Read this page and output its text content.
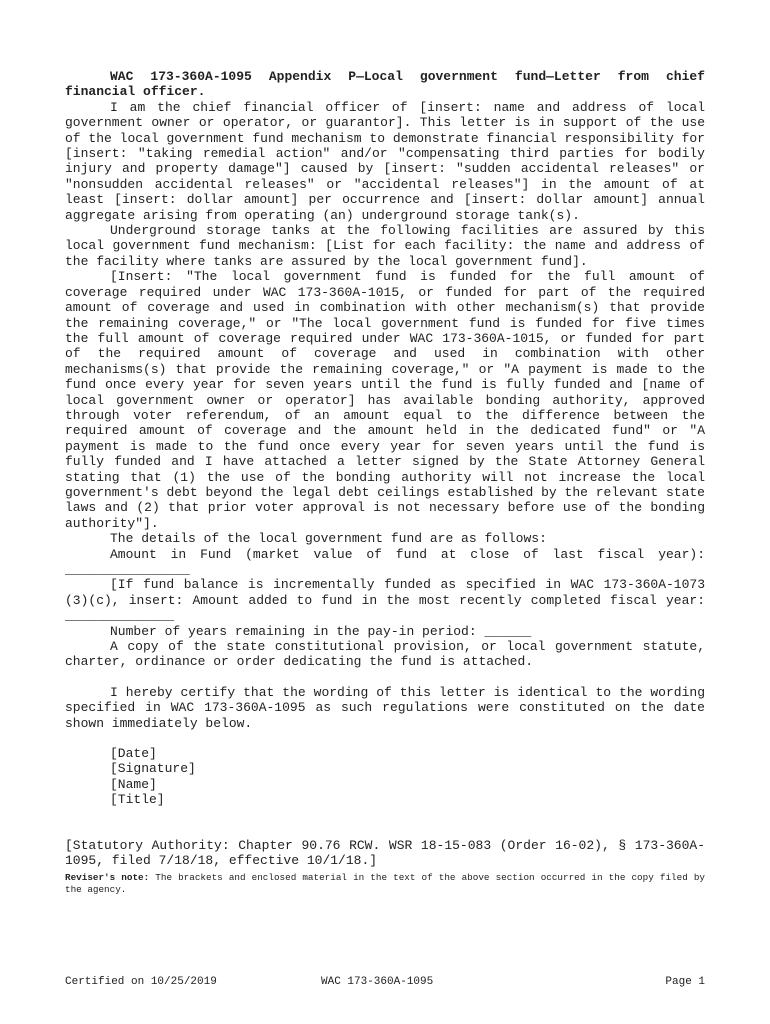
WAC 173-360A-1095 Appendix P—Local government fund—Letter from chief financial officer.

I am the chief financial officer of [insert: name and address of local government owner or operator, or guarantor]. This letter is in support of the use of the local government fund mechanism to demonstrate financial responsibility for [insert: "taking remedial action" and/or "compensating third parties for bodily injury and property damage"] caused by [insert: "sudden accidental releases" or "nonsudden accidental releases" or "accidental releases"] in the amount of at least [insert: dollar amount] per occurrence and [insert: dollar amount] annual aggregate arising from operating (an) underground storage tank(s).

Underground storage tanks at the following facilities are assured by this local government fund mechanism: [List for each facility: the name and address of the facility where tanks are assured by the local government fund].

[Insert: "The local government fund is funded for the full amount of coverage required under WAC 173-360A-1015, or funded for part of the required amount of coverage and used in combination with other mechanism(s) that provide the remaining coverage," or "The local government fund is funded for five times the full amount of coverage required under WAC 173-360A-1015, or funded for part of the required amount of coverage and used in combination with other mechanisms(s) that provide the remaining coverage," or "A payment is made to the fund once every year for seven years until the fund is fully funded and [name of local government owner or operator] has available bonding authority, approved through voter referendum, of an amount equal to the difference between the required amount of coverage and the amount held in the dedicated fund" or "A payment is made to the fund once every year for seven years until the fund is fully funded and I have attached a letter signed by the State Attorney General stating that (1) the use of the bonding authority will not increase the local government's debt beyond the legal debt ceilings established by the relevant state laws and (2) that prior voter approval is not necessary before use of the bonding authority"].

The details of the local government fund are as follows:

Amount in Fund (market value of fund at close of last fiscal year): ________________

[If fund balance is incrementally funded as specified in WAC 173-360A-1073 (3)(c), insert: Amount added to fund in the most recently completed fiscal year: ______________

Number of years remaining in the pay-in period: ______

A copy of the state constitutional provision, or local government statute, charter, ordinance or order dedicating the fund is attached.

I hereby certify that the wording of this letter is identical to the wording specified in WAC 173-360A-1095 as such regulations were constituted on the date shown immediately below.

[Date]

[Signature]

[Name]

[Title]

[Statutory Authority: Chapter 90.76 RCW. WSR 18-15-083 (Order 16-02), § 173-360A-1095, filed 7/18/18, effective 10/1/18.]

Reviser's note: The brackets and enclosed material in the text of the above section occurred in the copy filed by the agency.

Certified on 10/25/2019	WAC 173-360A-1095	Page 1
